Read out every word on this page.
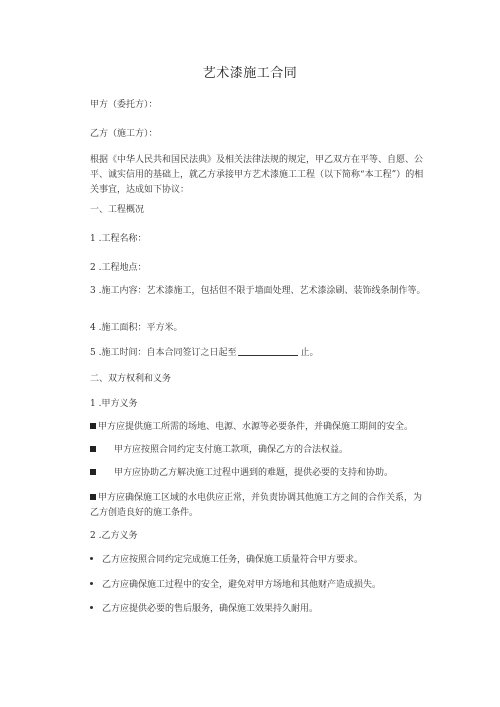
艺术漆施工合同
甲方（委托方）：
乙方（施工方）：
根据《中华人民共和国民法典》及相关法律法规的规定，甲乙双方在平等、自愿、公平、诚实信用的基础上，就乙方承接甲方艺术漆施工工程（以下简称“本工程”）的相关事宜，达成如下协议：
一、工程概况
1 .工程名称：
2 .工程地点：
3 .施工内容：艺术漆施工，包括但不限于墙面处理、艺术漆涂刷、装饰线条制作等。
4 .施工面积：平方米。
5 .施工时间：自本合同签订之日起至	止。
二、双方权利和义务
1 .甲方义务
甲方应提供施工所需的场地、电源、水源等必要条件，并确保施工期间的安全。
甲方应按照合同约定支付施工款项，确保乙方的合法权益。
甲方应协助乙方解决施工过程中遇到的难题，提供必要的支持和协助。
甲方应确保施工区域的水电供应正常，并负责协调其他施工方之间的合作关系，为乙方创造良好的施工条件。
2 .乙方义务
乙方应按照合同约定完成施工任务，确保施工质量符合甲方要求。
乙方应确保施工过程中的安全，避免对甲方场地和其他财产造成损失。
乙方应提供必要的售后服务，确保施工效果持久耐用。
